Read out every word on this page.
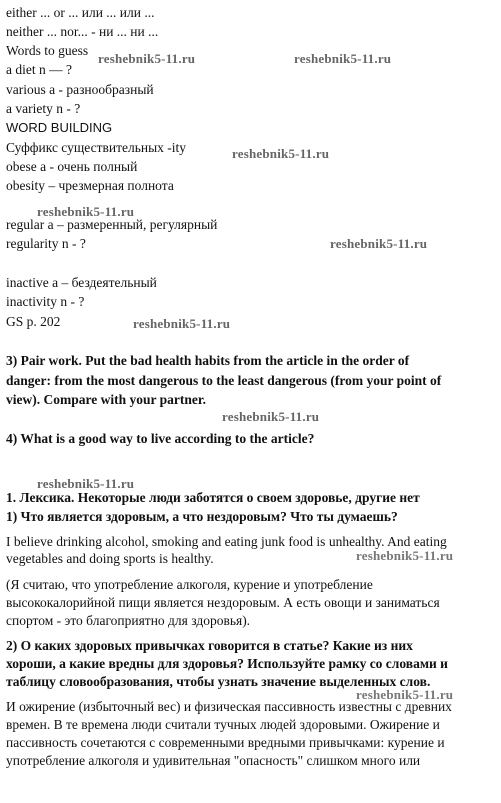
either ... or ... или ... или ...
neither ... nor... - ни ... ни ...
Words to guess
a diet n — ?
various a - разнообразный
a variety n - ?
WORD BUILDING
Суффикс существительных -ity
obese a - очень полный
obesity – чрезмерная полнота
regular a – размеренный, регулярный
regularity n - ?
inactive a – бездеятельный
inactivity n - ?
GS p. 202
3) Pair work. Put the bad health habits from the article in the order of
danger: from the most dangerous to the least dangerous (from your point of
view). Compare with your partner.
4) What is a good way to live according to the article?
1. Лексика. Некоторые люди заботятся о своем здоровье, другие нет
1) Что является здоровым, а что нездоровым? Что ты думаешь?
I believe drinking alcohol, smoking and eating junk food is unhealthy. And eating
vegetables and doing sports is healthy.
(Я считаю, что употребление алкоголя, курение и употребление
высококалорийной пищи является нездоровым. А есть овощи и заниматься
спортом - это благоприятно для здоровья).
2) О каких здоровых привычках говорится в статье? Какие из них
хороши, а какие вредны для здоровья? Используйте рамку со словами и
таблицу словообразования, чтобы узнать значение выделенных слов.
И ожирение (избыточный вес) и физическая пассивность известны с древних
времен. В те времена люди считали тучных людей здоровыми. Ожирение и
пассивность сочетаются с современными вредными привычками: курение и
употребление алкоголя и удивительная "опасность" слишком много или
reshebnik5-11.ru	reshebnik5-11.ru
reshebnik5-11.ru
reshebnik5-11.ru
reshebnik5-11.ru
reshebnik5-11.ru
reshebnik5-11.ru
reshebnik5-11.ru
reshebnik5-11.ru
reshebnik5-11.ru
